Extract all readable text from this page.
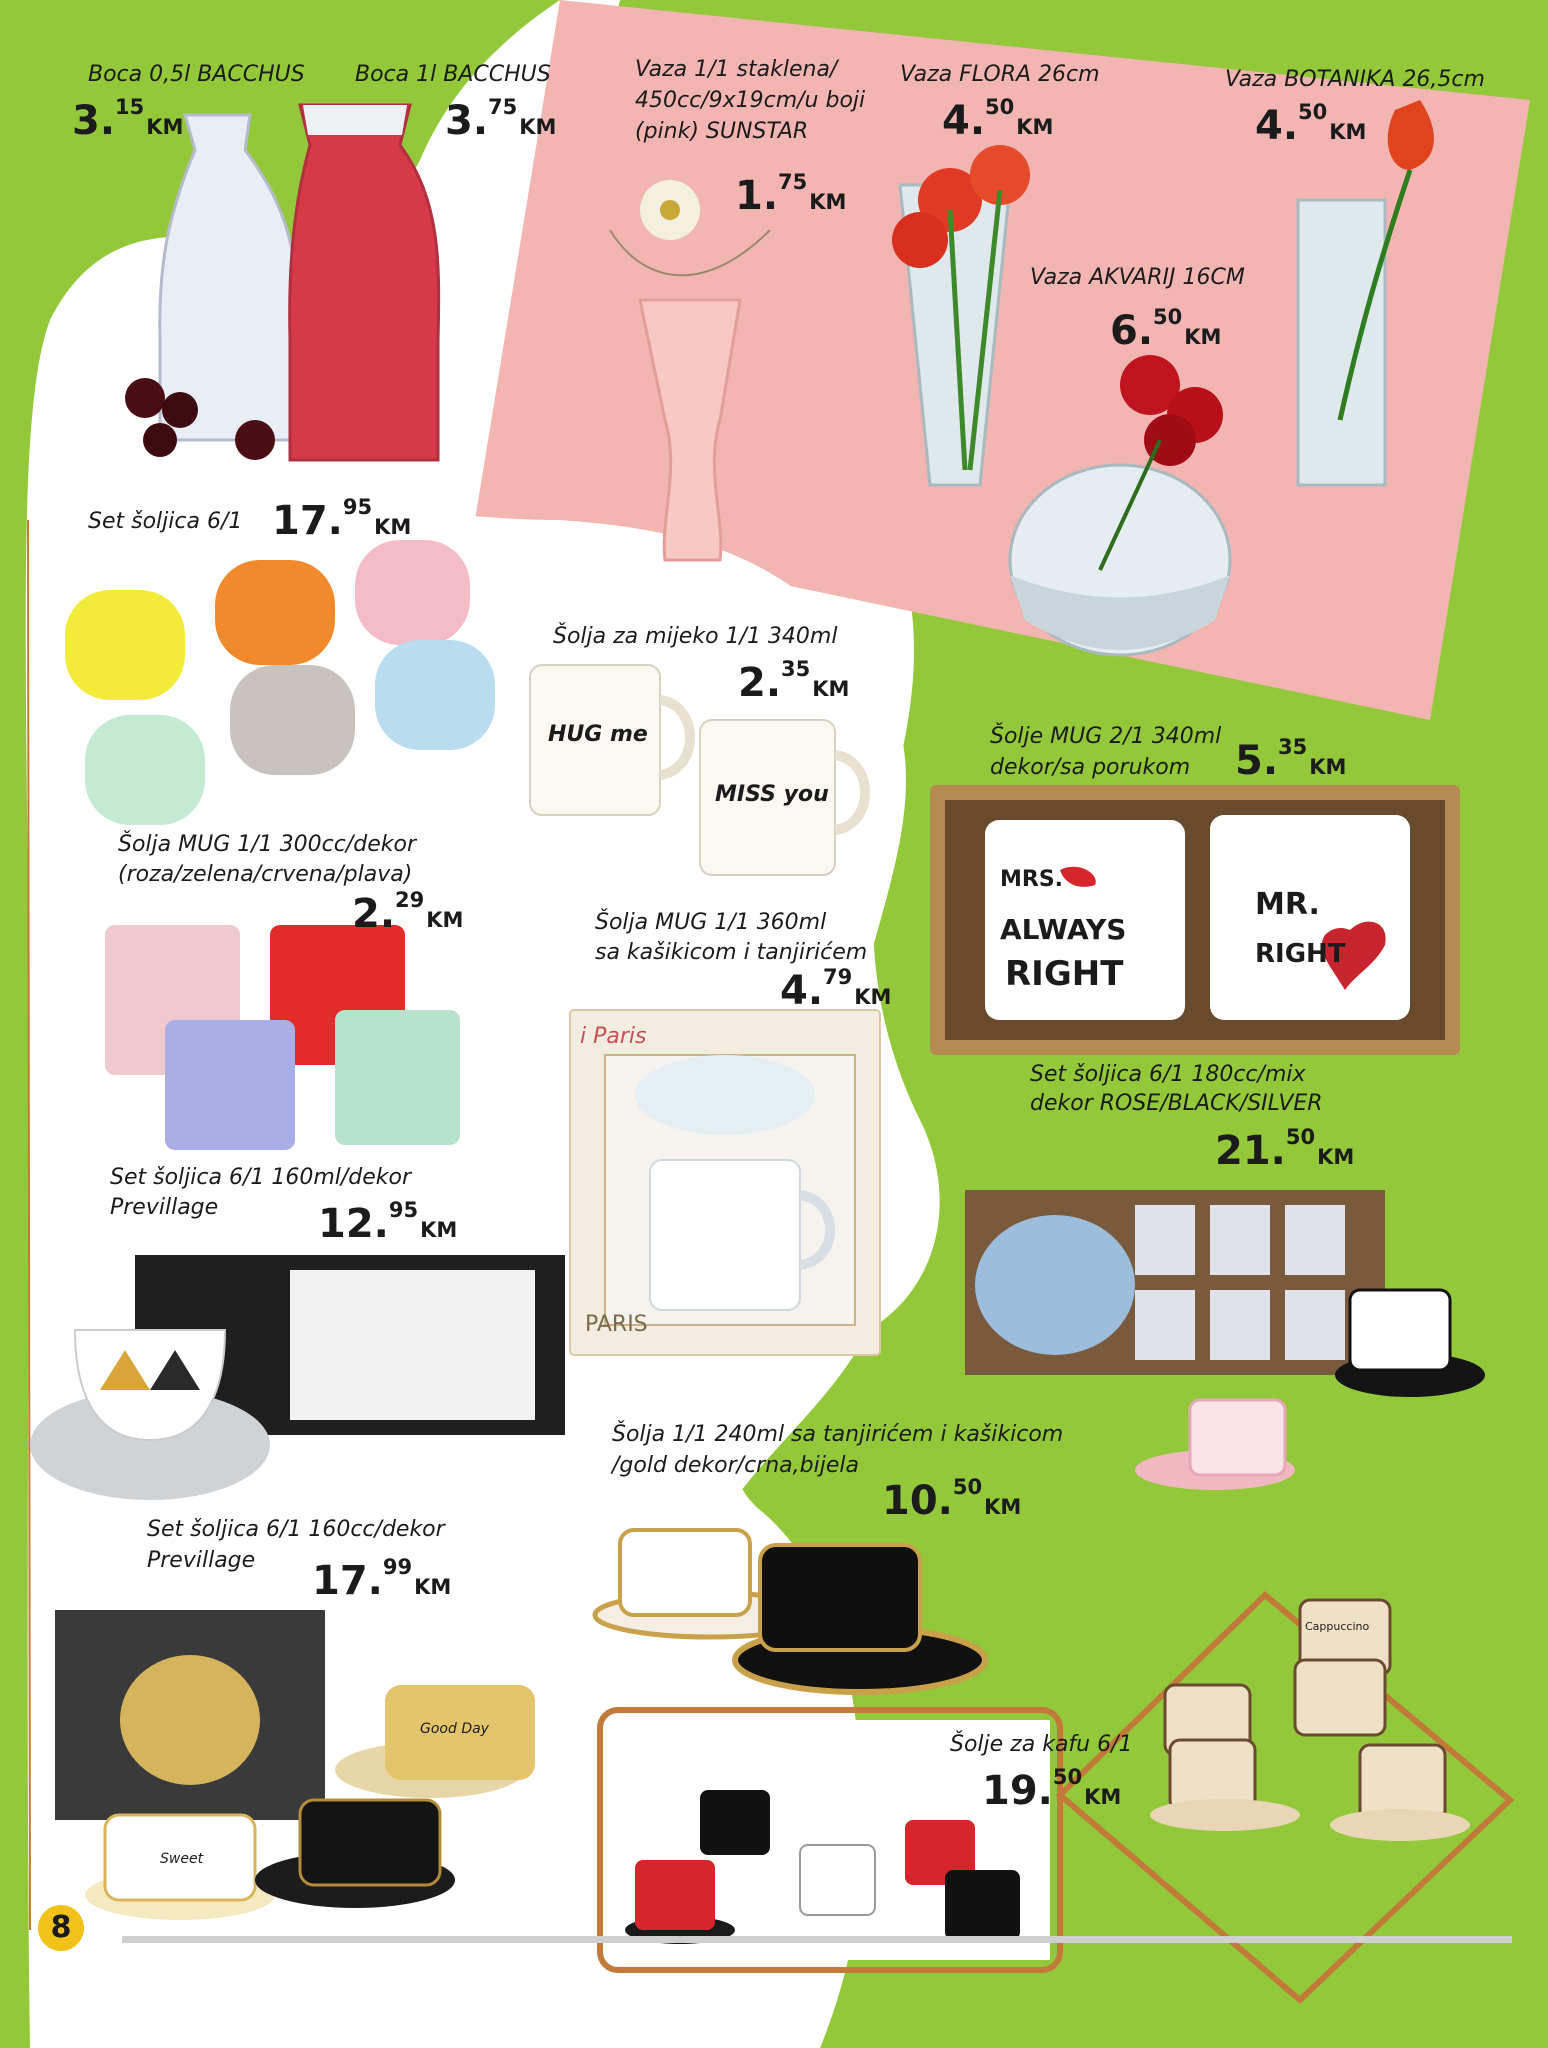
HUG me
MISS you
MRS.
ALWAYS
RIGHT
MR.
RIGHT
PARIS
i Paris
Good Day
Sweet
Cappuccino
Boca 0,5l BACCHUS
3.15KM
Boca 1l BACCHUS
3.75KM
Vaza 1/1 staklena/
450cc/9x19cm/u boji
(pink) SUNSTAR
1.75KM
Vaza FLORA 26cm
4.50KM
Vaza BOTANIKA 26,5cm
4.50KM
Vaza AKVARIJ 16CM
6.50KM
Set šoljica 6/1 17.95KM
Šolja za mijeko 1/1 340ml
2.35KM
Šolje MUG 2/1 340ml
dekor/sa porukom 5.35KM
Šolja MUG 1/1 300cc/dekor
(roza/zelena/crvena/plava)
2.29KM	Šolja MUG 1/1 360ml
sa kašikicom i tanjirićem
4.79KM
Set šoljica 6/1 180cc/mix
dekor ROSE/BLACK/SILVER
21.50KM
Set šoljica 6/1 160ml/dekor
Previllage 12.95KM
Šolja 1/1 240ml sa tanjirićem i kašikicom
/gold dekor/crna,bijela
10.50KM
Set šoljica 6/1 160cc/dekor
Previllage 17.99KM
Šolje za kafu 6/1
19.50KM
8
